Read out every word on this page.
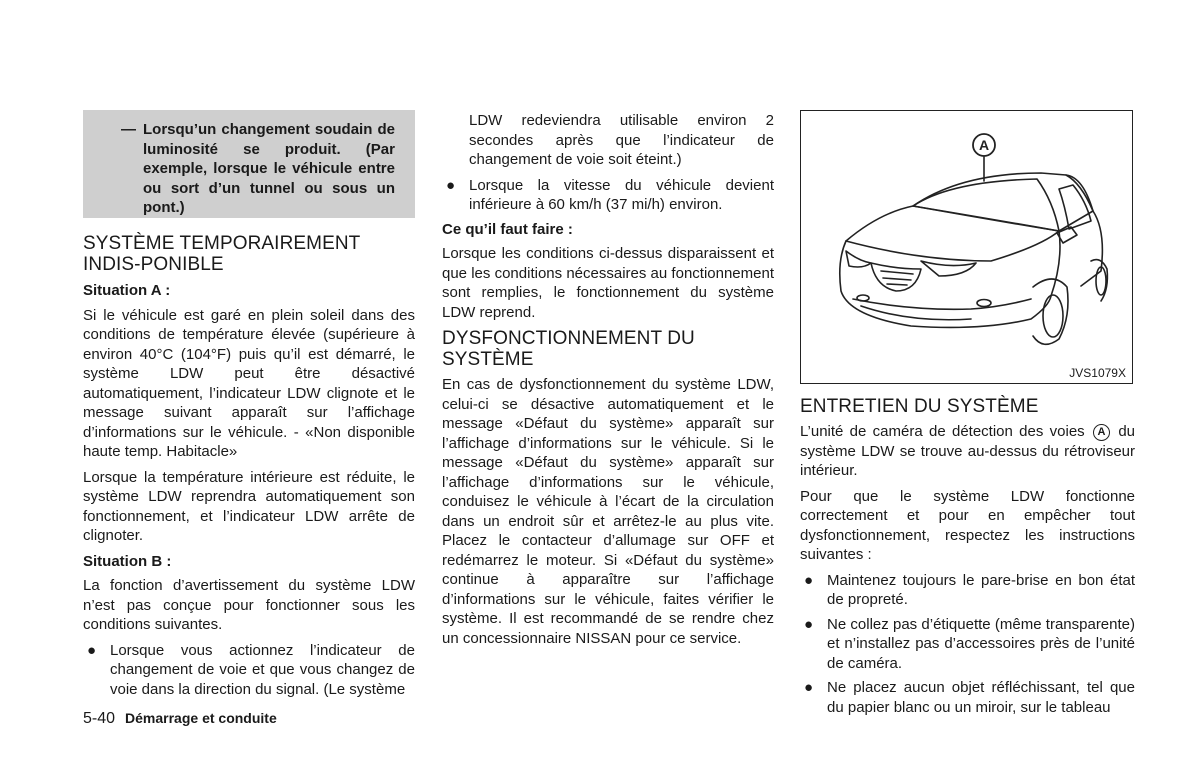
— Lorsqu’un changement soudain de luminosité se produit. (Par exemple, lorsque le véhicule entre ou sort d’un tunnel ou sous un pont.)
SYSTÈME TEMPORAIREMENT INDIS-PONIBLE
Situation A :

Si le véhicule est garé en plein soleil dans des conditions de température élevée (supérieure à environ 40°C (104°F) puis qu’il est démarré, le système LDW peut être désactivé automatiquement, l’indicateur LDW clignote et le message suivant apparaît sur l’affichage d’informations sur le véhicule. - «Non disponible haute temp. Habitacle»

Lorsque la température intérieure est réduite, le système LDW reprendra automatiquement son fonctionnement, et l’indicateur LDW arrête de clignoter.

Situation B :

La fonction d’avertissement du système LDW n’est pas conçue pour fonctionner sous les conditions suivantes.

● Lorsque vous actionnez l’indicateur de changement de voie et que vous changez de voie dans la direction du signal. (Le système

LDW redeviendra utilisable environ 2 secondes après que l’indicateur de changement de voie soit éteint.)

● Lorsque la vitesse du véhicule devient inférieure à 60 km/h (37 mi/h) environ.
Ce qu’il faut faire :

Lorsque les conditions ci-dessus disparaissent et que les conditions nécessaires au fonctionnement sont remplies, le fonctionnement du système LDW reprend.

DYSFONCTIONNEMENT DU SYSTÈME

En cas de dysfonctionnement du système LDW, celui-ci se désactive automatiquement et le message «Défaut du système» apparaît sur l’affichage d’informations sur le véhicule. Si le message «Défaut du système» apparaît sur l’affichage d’informations sur le véhicule, conduisez le véhicule à l’écart de la circulation dans un endroit sûr et arrêtez-le au plus vite. Placez le contacteur d’allumage sur OFF et redémarrez le moteur. Si «Défaut du système» continue à apparaître sur l’affichage d’informations sur le véhicule, faites vérifier le système. Il est recommandé de se rendre chez un concessionnaire NISSAN pour ce service.

A
JVS1079X
ENTRETIEN DU SYSTÈME

L’unité de caméra de détection des voies A du système LDW se trouve au-dessus du rétroviseur intérieur.

Pour que le système LDW fonctionne correctement et pour en empêcher tout dysfonctionnement, respectez les instructions suivantes :

● Maintenez toujours le pare-brise en bon état de propreté.
● Ne collez pas d’étiquette (même transparente) et n’installez pas d’accessoires près de l’unité de caméra.
● Ne placez aucun objet réfléchissant, tel que du papier blanc ou un miroir, sur le tableau
5-40 Démarrage et conduite
